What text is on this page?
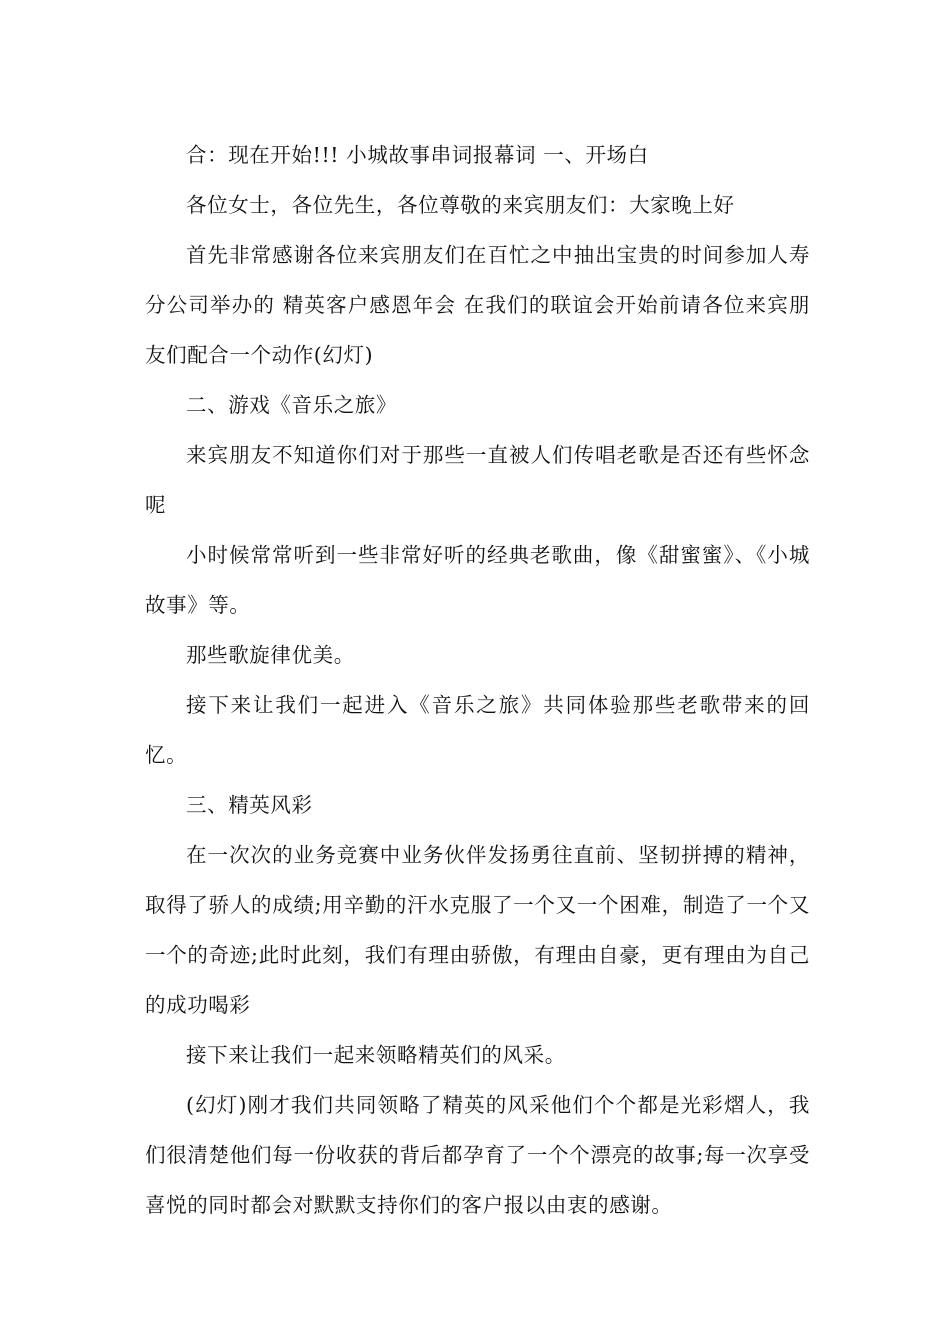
合：现在开始!!! 小城故事串词报幕词 一、开场白

各位女士，各位先生，各位尊敬的来宾朋友们：大家晚上好

首先非常感谢各位来宾朋友们在百忙之中抽出宝贵的时间参加人寿分公司举办的 精英客户感恩年会 在我们的联谊会开始前请各位来宾朋友们配合一个动作(幻灯)

二、游戏《音乐之旅》

来宾朋友不知道你们对于那些一直被人们传唱老歌是否还有些怀念呢

小时候常常听到一些非常好听的经典老歌曲，像《甜蜜蜜》、《小城故事》等。

那些歌旋律优美。

接下来让我们一起进入《音乐之旅》共同体验那些老歌带来的回忆。

三、精英风彩

在一次次的业务竞赛中业务伙伴发扬勇往直前、坚韧拼搏的精神，取得了骄人的成绩;用辛勤的汗水克服了一个又一个困难，制造了一个又一个的奇迹;此时此刻，我们有理由骄傲，有理由自豪，更有理由为自己的成功喝彩

接下来让我们一起来领略精英们的风采。

(幻灯)刚才我们共同领略了精英的风采他们个个都是光彩熠人，我们很清楚他们每一份收获的背后都孕育了一个个漂亮的故事;每一次享受喜悦的同时都会对默默支持你们的客户报以由衷的感谢。
